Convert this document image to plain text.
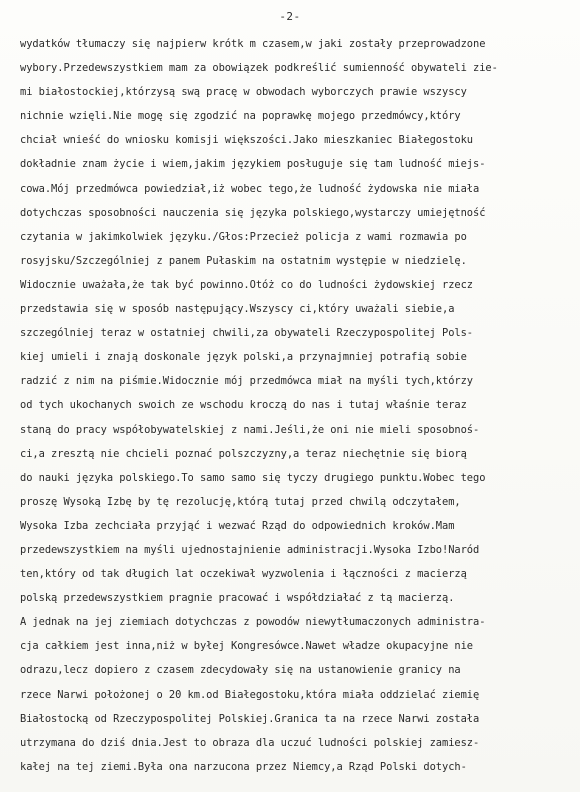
-2-
wydatków tłumaczy się najpierw krótk m czasem,w jaki zostały przeprowadzone
wybory.Przedewszystkiem mam za obowiązek podkreślić sumienność obywateli zie-
mi białostockiej,którzysą swą pracę w obwodach wyborczych prawie wszyscy
nichnie wzięli.Nie mogę się zgodzić na poprawkę mojego przedmówcy,który
chciał wnieść do wniosku komisji większości.Jako mieszkaniec Białegostoku
dokładnie znam życie i wiem,jakim językiem posługuje się tam ludność miejs-
cowa.Mój przedmówca powiedział,iż wobec tego,że ludność żydowska nie miała
dotychczas sposobności nauczenia się języka polskiego,wystarczy umiejętność
czytania w jakimkolwiek języku./Głos:Przecież policja z wami rozmawia po
rosyjsku/Szczególniej z panem Pułaskim na ostatnim występie w niedzielę.
Widocznie uważała,że tak być powinno.Otóż co do ludności żydowskiej rzecz
przedstawia się w sposób następujący.Wszyscy ci,który uważali siebie,a
szczególniej teraz w ostatniej chwili,za obywateli Rzeczypospolitej Pols-
kiej umieli i znają doskonale język polski,a przynajmniej potrafią sobie
radzić z nim na piśmie.Widocznie mój przedmówca miał na myśli tych,którzy
od tych ukochanych swoich ze wschodu kroczą do nas i tutaj właśnie teraz
staną do pracy współobywatelskiej z nami.Jeśli,że oni nie mieli sposobnoś-
ci,a zresztą nie chcieli poznać polszczyzny,a teraz niechętnie się biorą
do nauki języka polskiego.To samo samo się tyczy drugiego punktu.Wobec tego
proszę Wysoką Izbę by tę rezolucję,którą tutaj przed chwilą odczytałem,
Wysoka Izba zechciała przyjąć i wezwać Rząd do odpowiednich kroków.Mam
przedewszystkiem na myśli ujednostajnienie administracji.Wysoka Izbo!Naród
ten,który od tak długich lat oczekiwał wyzwolenia i łączności z macierzą
polską przedewszystkiem pragnie pracować i współdziałać z tą macierzą.
A jednak na jej ziemiach dotychczas z powodów niewytłumaczonych administra-
cja całkiem jest inna,niż w byłej Kongresówce.Nawet władze okupacyjne nie
odrazu,lecz dopiero z czasem zdecydowały się na ustanowienie granicy na
rzece Narwi położonej o 20 km.od Białegostoku,która miała oddzielać ziemię
Białostocką od Rzeczypospolitej Polskiej.Granica ta na rzece Narwi została
utrzymana do dziś dnia.Jest to obraza dla uczuć ludności polskiej zamiesz-
kałej na tej ziemi.Była ona narzucona przez Niemcy,a Rząd Polski dotych-
